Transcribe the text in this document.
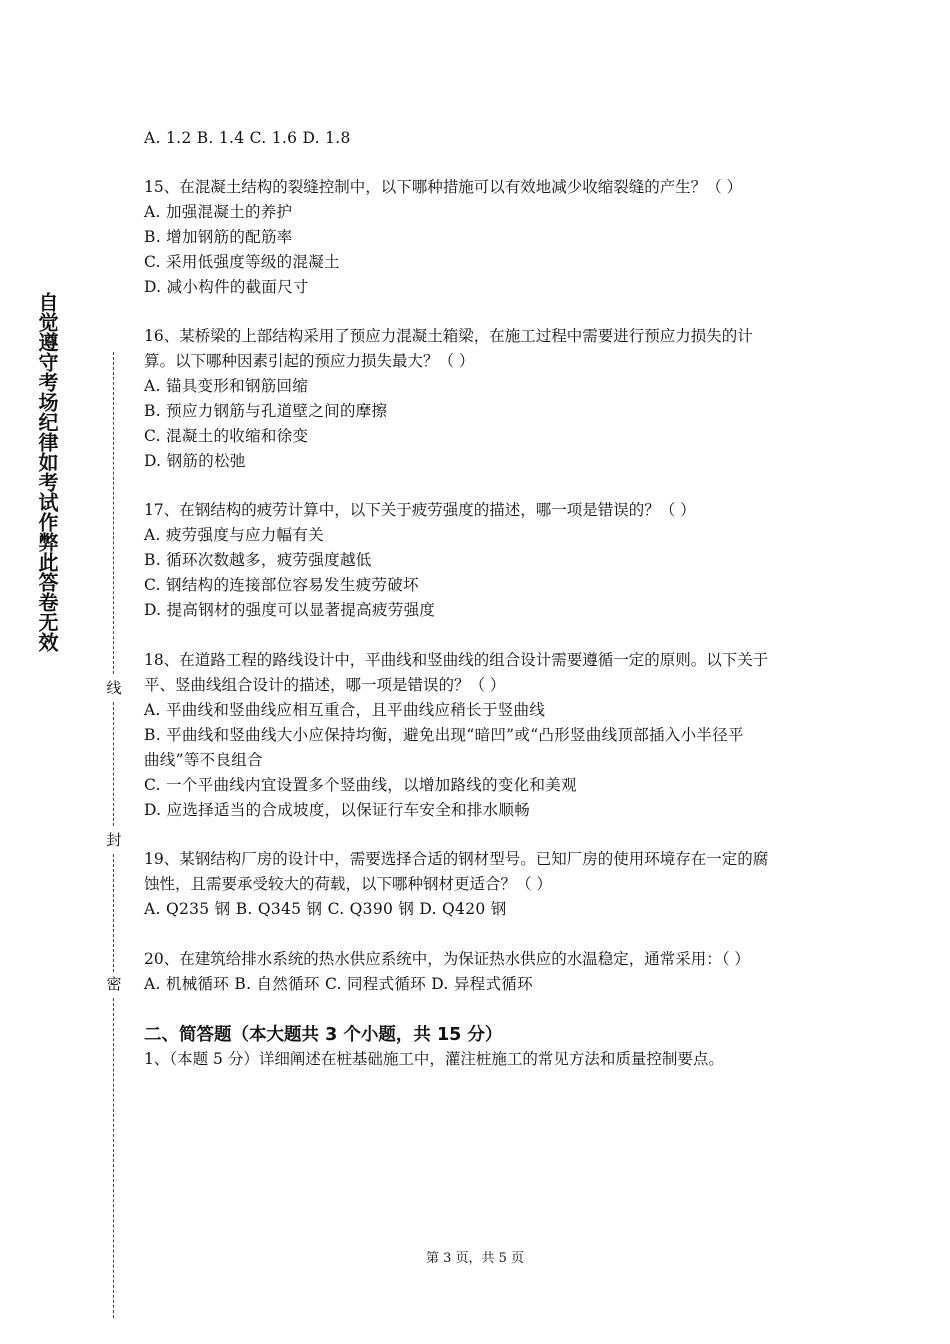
自觉遵守考场纪律如考试作弊此答卷无效
线
封
密
A. 1.2 B. 1.4 C. 1.6 D. 1.8
15、在混凝土结构的裂缝控制中，以下哪种措施可以有效地减少收缩裂缝的产生？（ ）
A. 加强混凝土的养护
B. 增加钢筋的配筋率
C. 采用低强度等级的混凝土
D. 减小构件的截面尺寸
16、某桥梁的上部结构采用了预应力混凝土箱梁，在施工过程中需要进行预应力损失的计
算。以下哪种因素引起的预应力损失最大？（ ）
A. 锚具变形和钢筋回缩
B. 预应力钢筋与孔道壁之间的摩擦
C. 混凝土的收缩和徐变
D. 钢筋的松弛
17、在钢结构的疲劳计算中，以下关于疲劳强度的描述，哪一项是错误的？（ ）
A. 疲劳强度与应力幅有关
B. 循环次数越多，疲劳强度越低
C. 钢结构的连接部位容易发生疲劳破坏
D. 提高钢材的强度可以显著提高疲劳强度
18、在道路工程的路线设计中，平曲线和竖曲线的组合设计需要遵循一定的原则。以下关于
平、竖曲线组合设计的描述，哪一项是错误的？（ ）
A. 平曲线和竖曲线应相互重合，且平曲线应稍长于竖曲线
B. 平曲线和竖曲线大小应保持均衡，避免出现“暗凹”或“凸形竖曲线顶部插入小半径平
曲线”等不良组合
C. 一个平曲线内宜设置多个竖曲线，以增加路线的变化和美观
D. 应选择适当的合成坡度，以保证行车安全和排水顺畅
19、某钢结构厂房的设计中，需要选择合适的钢材型号。已知厂房的使用环境存在一定的腐
蚀性，且需要承受较大的荷载，以下哪种钢材更适合？（ ）
A. Q235 钢 B. Q345 钢 C. Q390 钢 D. Q420 钢
20、在建筑给排水系统的热水供应系统中，为保证热水供应的水温稳定，通常采用：（ ）
A. 机械循环 B. 自然循环 C. 同程式循环 D. 异程式循环
二、简答题（本大题共 3 个小题，共 15 分）
1、（本题 5 分）详细阐述在桩基础施工中，灌注桩施工的常见方法和质量控制要点。
第 3 页，共 5 页
